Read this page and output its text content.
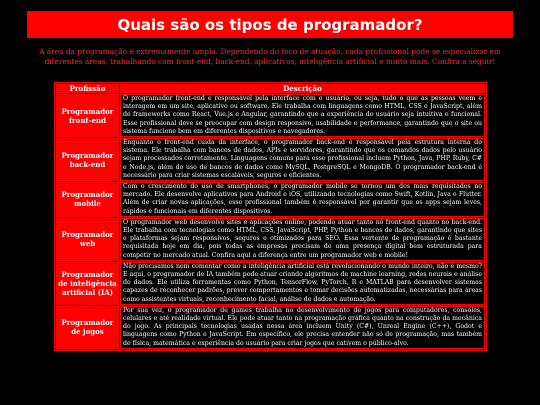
Quais são os tipos de programador?

A área da programação é extremamente ampla. Dependendo do foco de atuação, cada profissional pode se especializar em diferentes áreas, trabalhando com front-end, back-end, aplicativos, inteligência artificial e muito mais. Confira a seguir!

Profissão	Descrição
Programador front-end	O programador front-end é responsável pela interface com o usuário, ou seja, tudo o que as pessoas veem e interagem em um site, aplicativo ou software. Ele trabalha com linguagens como HTML, CSS e JavaScript, além de frameworks como React, Vue.js e Angular, garantindo que a experiência do usuário seja intuitiva e funcional. Esse profissional deve se preocupar com design responsivo, usabilidade e performance, garantindo que o site ou sistema funcione bem em diferentes dispositivos e navegadores.
Programador back-end	Enquanto o front-end cuida da interface, o programador back-end é responsável pela estrutura interna do sistema. Ele trabalha com bancos de dados, APIs e servidores, garantindo que os comandos dados pelo usuário sejam processados corretamente. Linguagens comuns para esse profissional incluem Python, Java, PHP, Ruby, C# e Node.js, além do uso de bancos de dados como MySQL, PostgreSQL e MongoDB. O programador back-end é necessário para criar sistemas escaláveis, seguros e eficientes.
Programador mobile	Com o crescimento do uso de smartphones, o programador mobile se tornou um dos mais requisitados no mercado. Ele desenvolve aplicativos para Android e iOS, utilizando tecnologias como Swift, Kotlin, Java e Flutter. Além de criar novas aplicações, esse profissional também é responsável por garantir que os apps sejam leves, rápidos e funcionais em diferentes dispositivos.
Programador web	O programador web desenvolve sites e aplicações online, podendo atuar tanto no front-end quanto no back-end. Ele trabalha com tecnologias como HTML, CSS, JavaScript, PHP, Python e bancos de dados, garantindo que sites e plataformas sejam responsivos, seguros e otimizados para SEO. Essa vertente de programação é bastante requisitada hoje em dia, pois todas as empresas precisam de uma presença digital bem estruturada para competir no mercado atual. Confira aqui a diferença entre um programador web e mobile!
Programador de inteligência artificial (IA)	Não precisamos nem comentar como a inteligência artificial está revolucionando o mundo inteiro, não é mesmo? E aqui, o programador de IA também pode atuar criando algoritmos de machine learning, redes neurais e análise de dados. Ele utiliza ferramentas como Python, TensorFlow, PyTorch, R e MATLAB para desenvolver sistemas capazes de reconhecer padrões, prever comportamentos e tomar decisões automatizadas, necessárias para áreas como assistentes virtuais, reconhecimento facial, análise de dados e automação.
Programador de jogos	Por sua vez, o programador de games trabalha no desenvolvimento de jogos para computadores, consoles, celulares e até realidade virtual. Ele pode atuar tanto na programação gráfica quanto na construção da mecânica do jogo. As principais tecnologias usadas nessa área incluem Unity (C#), Unreal Engine (C++), Godot e linguagens como Python e JavaScript. Em específico, ele precisa entender não só de programação, mas também de física, matemática e experiência do usuário para criar jogos que cativem o público-alvo.
